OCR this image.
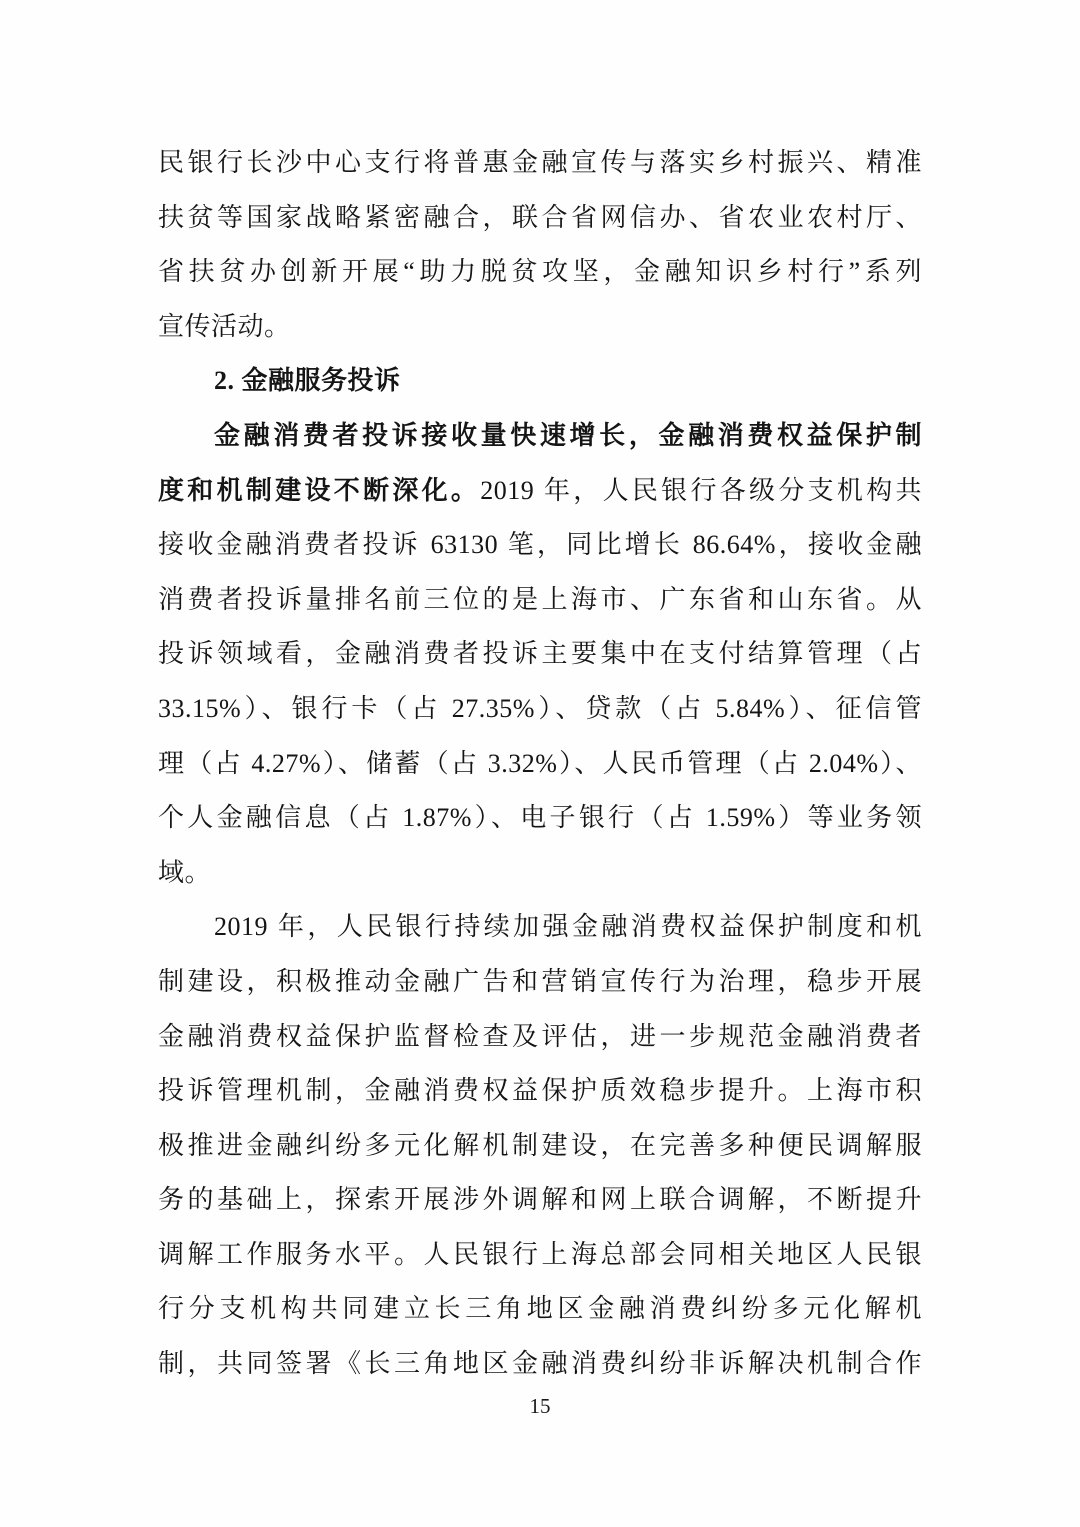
民银行长沙中心支行将普惠金融宣传与落实乡村振兴、精准
扶贫等国家战略紧密融合，联合省网信办、省农业农村厅、
省扶贫办创新开展“助力脱贫攻坚，金融知识乡村行”系列
宣传活动。
2. 金融服务投诉
金融消费者投诉接收量快速增长，金融消费权益保护制
度和机制建设不断深化。2019 年，人民银行各级分支机构共
接收金融消费者投诉 63130 笔，同比增长 86.64%，接收金融
消费者投诉量排名前三位的是上海市、广东省和山东省。从
投诉领域看，金融消费者投诉主要集中在支付结算管理（占
33.15%）、银行卡（占 27.35%）、贷款（占 5.84%）、征信管
理（占 4.27%）、储蓄（占 3.32%）、人民币管理（占 2.04%）、
个人金融信息（占 1.87%）、电子银行（占 1.59%）等业务领
域。
2019 年，人民银行持续加强金融消费权益保护制度和机
制建设，积极推动金融广告和营销宣传行为治理，稳步开展
金融消费权益保护监督检查及评估，进一步规范金融消费者
投诉管理机制，金融消费权益保护质效稳步提升。上海市积
极推进金融纠纷多元化解机制建设，在完善多种便民调解服
务的基础上，探索开展涉外调解和网上联合调解，不断提升
调解工作服务水平。人民银行上海总部会同相关地区人民银
行分支机构共同建立长三角地区金融消费纠纷多元化解机
制，共同签署《长三角地区金融消费纠纷非诉解决机制合作
15
